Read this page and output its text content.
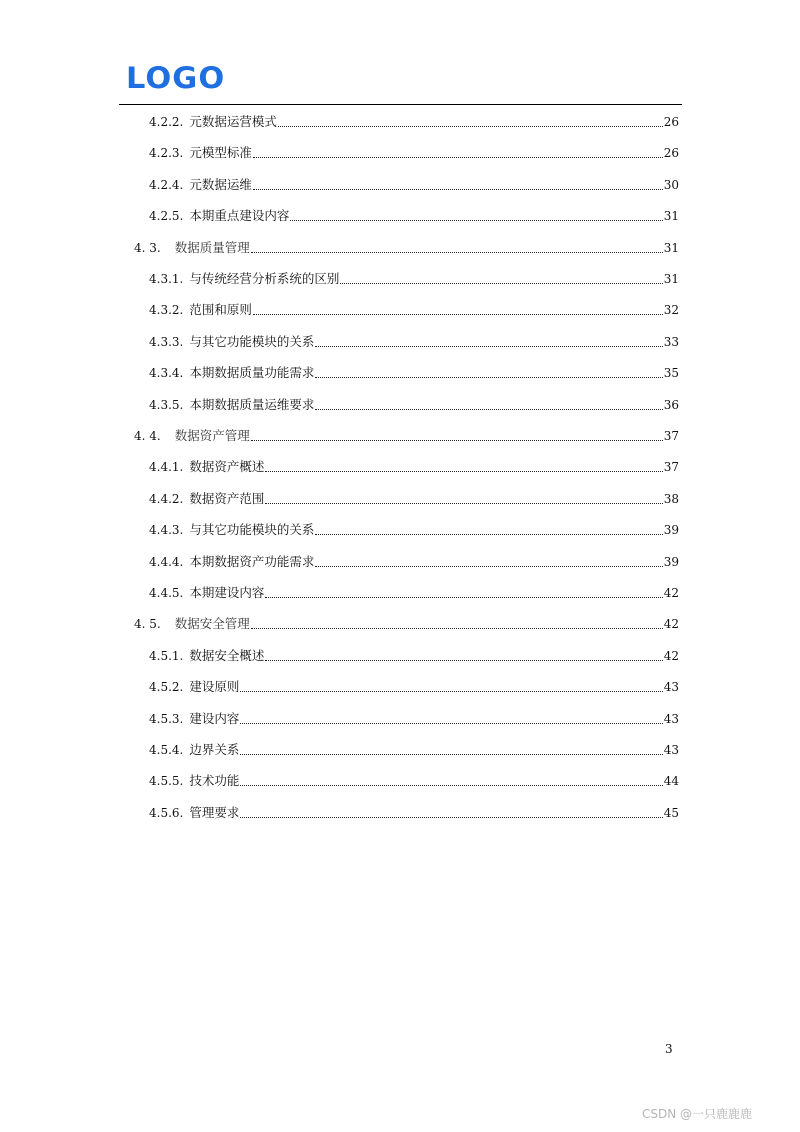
LOGO
4.2.2. 元数据运营模式	26
4.2.3. 元模型标准	26
4.2.4. 元数据运维	30
4.2.5. 本期重点建设内容	31
4. 3.	数据质量管理	31
4.3.1. 与传统经营分析系统的区别	31
4.3.2. 范围和原则	32
4.3.3. 与其它功能模块的关系	33
4.3.4. 本期数据质量功能需求	35
4.3.5. 本期数据质量运维要求	36
4. 4.	数据资产管理	37
4.4.1. 数据资产概述	37
4.4.2. 数据资产范围	38
4.4.3. 与其它功能模块的关系	39
4.4.4. 本期数据资产功能需求	39
4.4.5. 本期建设内容	42
4. 5.	数据安全管理	42
4.5.1. 数据安全概述	42
4.5.2. 建设原则	43
4.5.3. 建设内容	43
4.5.4. 边界关系	43
4.5.5. 技术功能	44
4.5.6. 管理要求	45
3
CSDN @一只鹿鹿鹿
